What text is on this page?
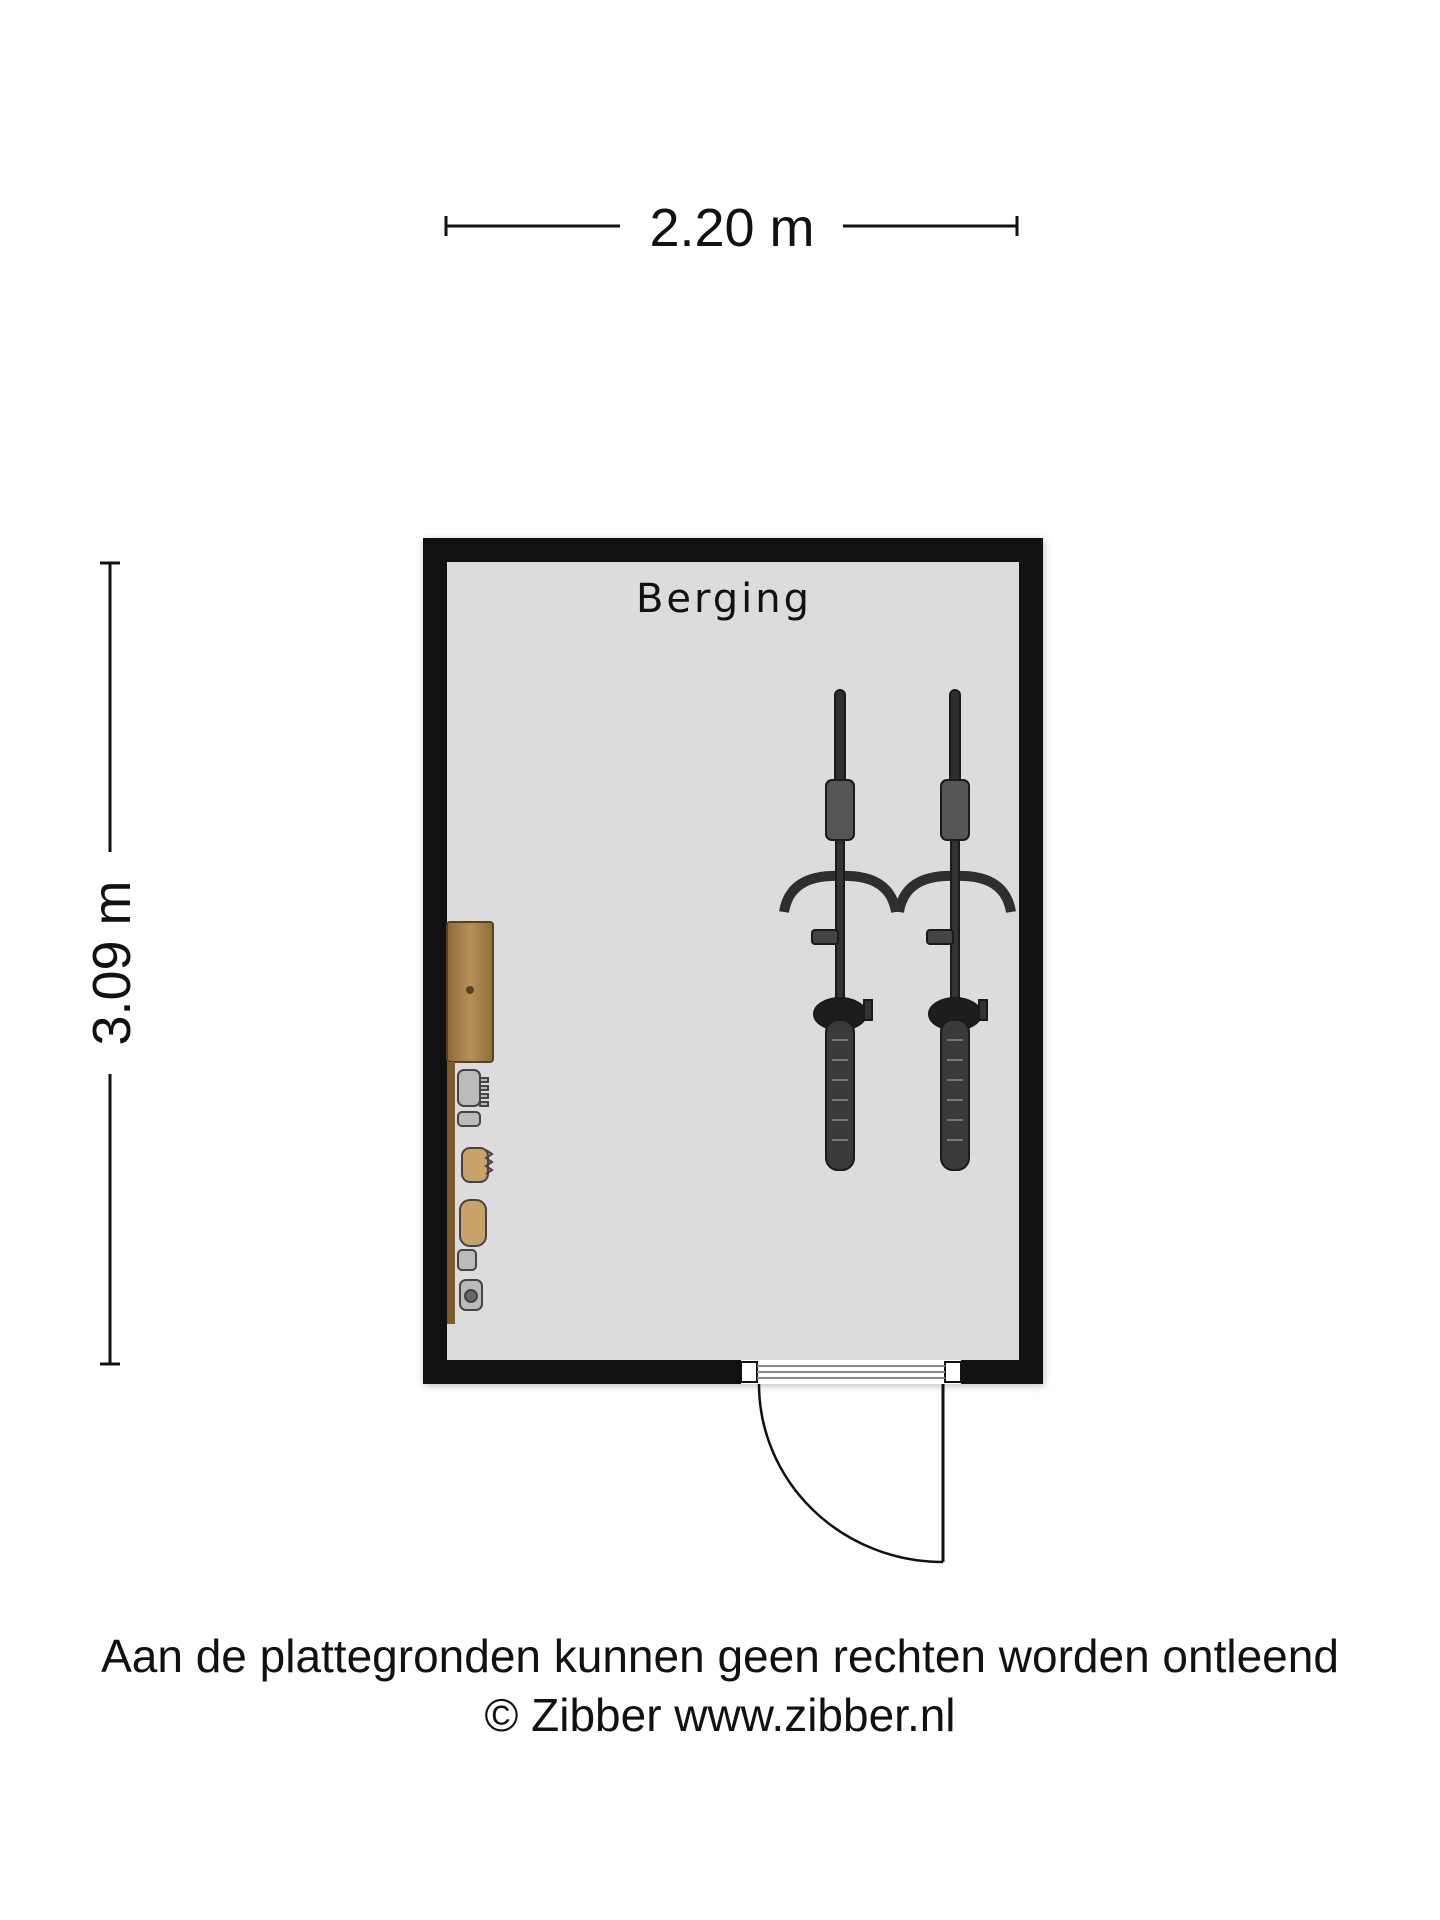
2.20 m
3.09 m
Berging
Aan de plattegronden kunnen geen rechten worden ontleend
© Zibber www.zibber.nl
